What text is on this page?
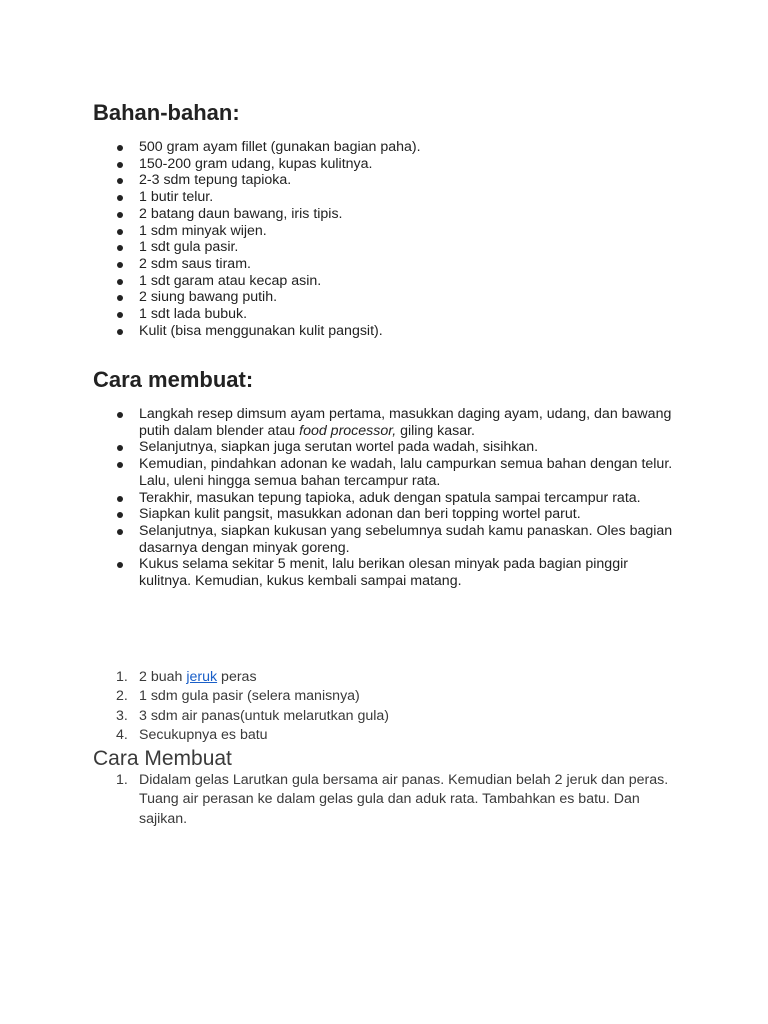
Bahan-bahan:
500 gram ayam fillet (gunakan bagian paha).
150-200 gram udang, kupas kulitnya.
2-3 sdm tepung tapioka.
1 butir telur.
2 batang daun bawang, iris tipis.
1 sdm minyak wijen.
1 sdt gula pasir.
2 sdm saus tiram.
1 sdt garam atau kecap asin.
2 siung bawang putih.
1 sdt lada bubuk.
Kulit (bisa menggunakan kulit pangsit).
Cara membuat:
Langkah resep dimsum ayam pertama, masukkan daging ayam, udang, dan bawang putih dalam blender atau food processor, giling kasar.
Selanjutnya, siapkan juga serutan wortel pada wadah, sisihkan.
Kemudian, pindahkan adonan ke wadah, lalu campurkan semua bahan dengan telur. Lalu, uleni hingga semua bahan tercampur rata.
Terakhir, masukan tepung tapioka, aduk dengan spatula sampai tercampur rata.
Siapkan kulit pangsit, masukkan adonan dan beri topping wortel parut.
Selanjutnya, siapkan kukusan yang sebelumnya sudah kamu panaskan. Oles bagian dasarnya dengan minyak goreng.
Kukus selama sekitar 5 menit, lalu berikan olesan minyak pada bagian pinggir kulitnya. Kemudian, kukus kembali sampai matang.
1. 2 buah jeruk peras
2. 1 sdm gula pasir (selera manisnya)
3. 3 sdm air panas(untuk melarutkan gula)
4. Secukupnya es batu
Cara Membuat
1. Didalam gelas Larutkan gula bersama air panas. Kemudian belah 2 jeruk dan peras. Tuang air perasan ke dalam gelas gula dan aduk rata. Tambahkan es batu. Dan sajikan.
